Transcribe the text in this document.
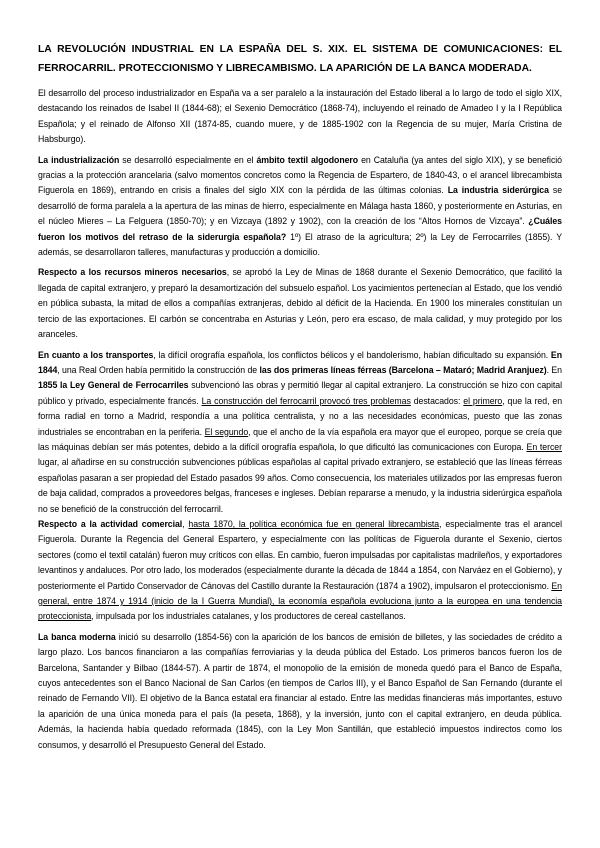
LA REVOLUCIÓN INDUSTRIAL EN LA ESPAÑA DEL S. XIX. EL SISTEMA DE COMUNICACIONES: EL FERROCARRIL. PROTECCIONISMO Y LIBRECAMBISMO. LA APARICIÓN DE LA BANCA MODERADA.

El desarrollo del proceso industrializador en España va a ser paralelo a la instauración del Estado liberal a lo largo de todo el siglo XIX, destacando los reinados de Isabel II (1844-68); el Sexenio Democrático (1868-74), incluyendo el reinado de Amadeo I y la I República Española; y el reinado de Alfonso XII (1874-85, cuando muere, y de 1885-1902 con la Regencia de su mujer, María Cristina de Habsburgo).

La industrialización se desarrolló especialmente en el ámbito textil algodonero en Cataluña (ya antes del siglo XIX), y se benefició gracias a la protección arancelaria (salvo momentos concretos como la Regencia de Espartero, de 1840-43, o el arancel librecambista Figuerola en 1869), entrando en crisis a finales del siglo XIX con la pérdida de las últimas colonias. La industria siderúrgica se desarrolló de forma paralela a la apertura de las minas de hierro, especialmente en Málaga hasta 1860, y posteriormente en Asturias, en el núcleo Mieres – La Felguera (1850-70); y en Vizcaya (1892 y 1902), con la creación de los “Altos Hornos de Vizcaya”. ¿Cuáles fueron los motivos del retraso de la siderurgia española? 1º) El atraso de la agricultura; 2º) la Ley de Ferrocarriles (1855). Y además, se desarrollaron talleres, manufacturas y producción a domicilio.

Respecto a los recursos mineros necesarios, se aprobó la Ley de Minas de 1868 durante el Sexenio Democrático, que facilitó la llegada de capital extranjero, y preparó la desamortización del subsuelo español. Los yacimientos pertenecían al Estado, que los vendió en pública subasta, la mitad de ellos a compañías extranjeras, debido al déficit de la Hacienda. En 1900 los minerales constituían un tercio de las exportaciones. El carbón se concentraba en Asturias y León, pero era escaso, de mala calidad, y muy protegido por los aranceles.

En cuanto a los transportes, la difícil orografía española, los conflictos bélicos y el bandolerismo, habían dificultado su expansión. En 1844, una Real Orden había permitido la construcción de las dos primeras líneas férreas (Barcelona – Mataró; Madrid Aranjuez). En 1855 la Ley General de Ferrocarriles subvencionó las obras y permitió llegar al capital extranjero. La construcción se hizo con capital público y privado, especialmente francés. La construcción del ferrocarril provocó tres problemas destacados: el primero, que la red, en forma radial en torno a Madrid, respondía a una política centralista, y no a las necesidades económicas, puesto que las zonas industriales se encontraban en la periferia. El segundo, que el ancho de la vía española era mayor que el europeo, porque se creía que las máquinas debían ser más potentes, debido a la difícil orografía española, lo que dificultó las comunicaciones con Europa. En tercer lugar, al añadirse en su construcción subvenciones públicas españolas al capital privado extranjero, se estableció que las líneas férreas españolas pasaran a ser propiedad del Estado pasados 99 años. Como consecuencia, los materiales utilizados por las empresas fueron de baja calidad, comprados a proveedores belgas, franceses e ingleses. Debían repararse a menudo, y la industria siderúrgica española no se benefició de la construcción del ferrocarril.

Respecto a la actividad comercial, hasta 1870, la política económica fue en general librecambista, especialmente tras el arancel Figuerola. Durante la Regencia del General Espartero, y especialmente con las políticas de Figuerola durante el Sexenio, ciertos sectores (como el textil catalán) fueron muy críticos con ellas. En cambio, fueron impulsadas por capitalistas madrileños, y exportadores levantinos y andaluces. Por otro lado, los moderados (especialmente durante la década de 1844 a 1854, con Narváez en el Gobierno), y posteriormente el Partido Conservador de Cánovas del Castillo durante la Restauración (1874 a 1902), impulsaron el proteccionismo. En general, entre 1874 y 1914 (inicio de la I Guerra Mundial), la economía española evoluciona junto a la europea en una tendencia proteccionista, impulsada por los industriales catalanes, y los productores de cereal castellanos.

La banca moderna inició su desarrollo (1854-56) con la aparición de los bancos de emisión de billetes, y las sociedades de crédito a largo plazo. Los bancos financiaron a las compañías ferroviarias y la deuda pública del Estado. Los primeros bancos fueron los de Barcelona, Santander y Bilbao (1844-57). A partir de 1874, el monopolio de la emisión de moneda quedó para el Banco de España, cuyos antecedentes son el Banco Nacional de San Carlos (en tiempos de Carlos III), y el Banco Español de San Fernando (durante el reinado de Fernando VII). El objetivo de la Banca estatal era financiar al estado. Entre las medidas financieras más importantes, estuvo la aparición de una única moneda para el país (la peseta, 1868), y la inversión, junto con el capital extranjero, en deuda pública. Además, la hacienda había quedado reformada (1845), con la Ley Mon Santillán, que estableció impuestos indirectos como los consumos, y desarrolló el Presupuesto General del Estado.
